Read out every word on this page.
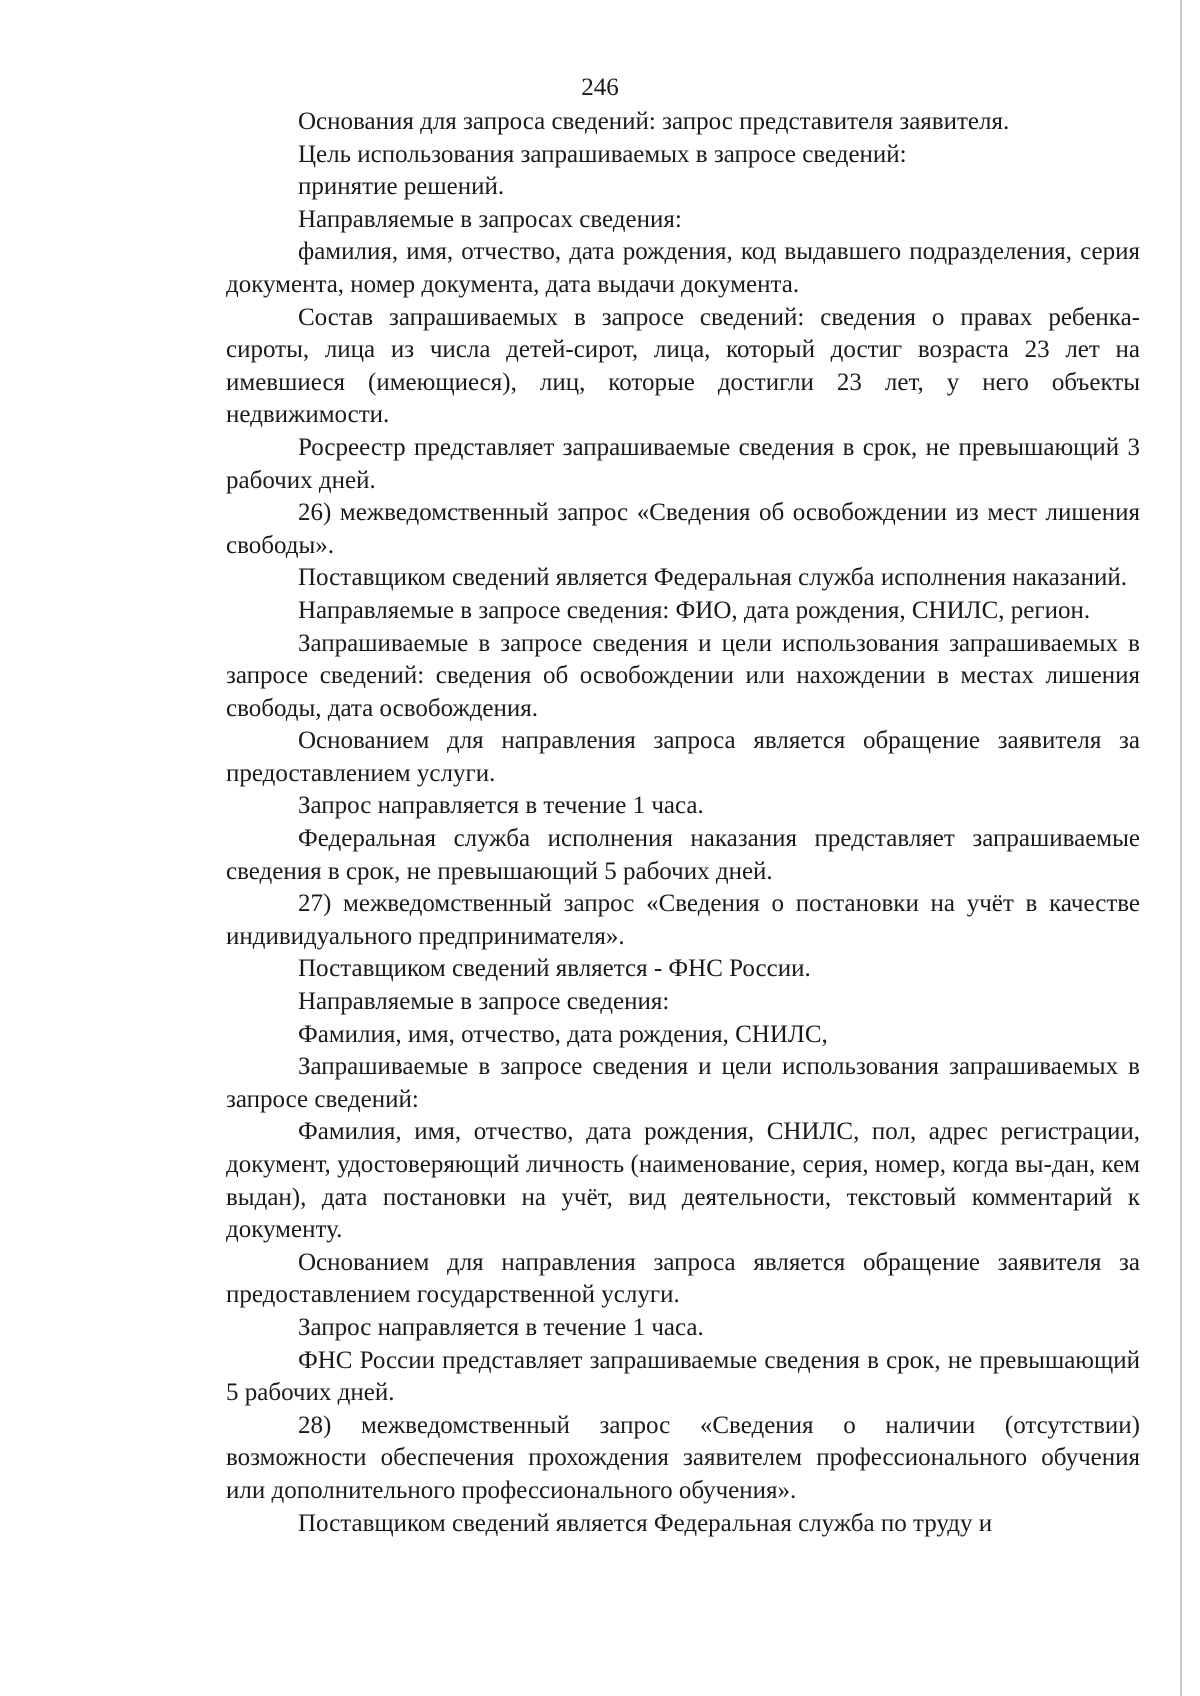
246

Основания для запроса сведений: запрос представителя заявителя.

Цель использования запрашиваемых в запросе сведений:

принятие решений.

Направляемые в запросах сведения:

фамилия, имя, отчество, дата рождения, код выдавшего подразделения, серия документа, номер документа, дата выдачи документа.

Состав запрашиваемых в запросе сведений: сведения о правах ребенка-сироты, лица из числа детей-сирот, лица, который достиг возраста 23 лет на имевшиеся (имеющиеся), лиц, которые достигли 23 лет, у него объекты недвижимости.

Росреестр представляет запрашиваемые сведения в срок, не превышающий 3 рабочих дней.

26) межведомственный запрос «Сведения об освобождении из мест лишения свободы».

Поставщиком сведений является Федеральная служба исполнения наказаний.

Направляемые в запросе сведения: ФИО, дата рождения, СНИЛС, регион.

Запрашиваемые в запросе сведения и цели использования запрашиваемых в запросе сведений: сведения об освобождении или нахождении в местах лишения свободы, дата освобождения.

Основанием для направления запроса является обращение заявителя за предоставлением услуги.

Запрос направляется в течение 1 часа.

Федеральная служба исполнения наказания представляет запрашиваемые сведения в срок, не превышающий 5 рабочих дней.

27) межведомственный запрос «Сведения о постановки на учёт в качестве индивидуального предпринимателя».

Поставщиком сведений является - ФНС России.

Направляемые в запросе сведения:

Фамилия, имя, отчество, дата рождения, СНИЛС,

Запрашиваемые в запросе сведения и цели использования запрашиваемых в запросе сведений:

Фамилия, имя, отчество, дата рождения, СНИЛС, пол, адрес регистрации, документ, удостоверяющий личность (наименование, серия, номер, когда вы-дан, кем выдан), дата постановки на учёт, вид деятельности, текстовый комментарий к документу.

Основанием для направления запроса является обращение заявителя за предоставлением государственной услуги.

Запрос направляется в течение 1 часа.

ФНС России представляет запрашиваемые сведения в срок, не превышающий 5 рабочих дней.

28) межведомственный запрос «Сведения о наличии (отсутствии) возможности обеспечения прохождения заявителем профессионального обучения или дополнительного профессионального обучения».

Поставщиком сведений является Федеральная служба по труду и
